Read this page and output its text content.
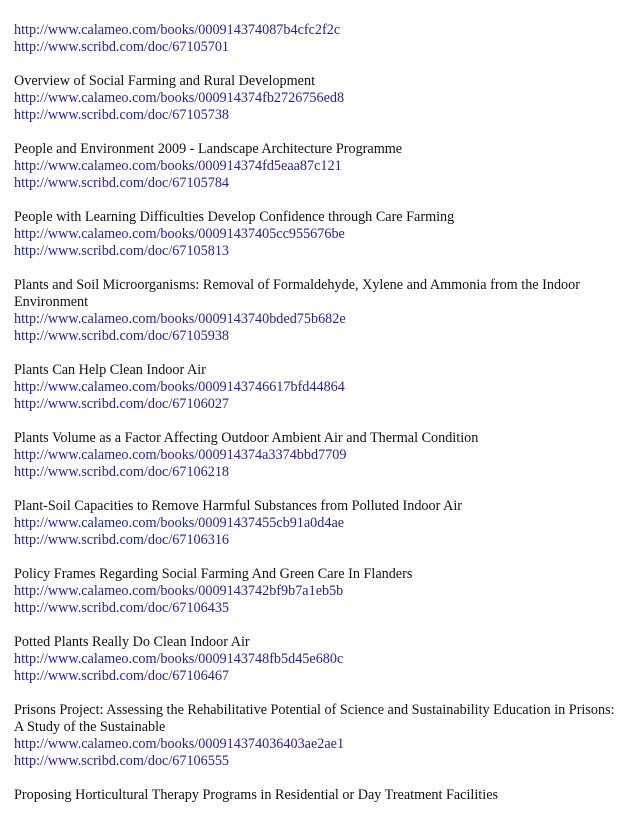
http://www.calameo.com/books/000914374087b4cfc2f2c
http://www.scribd.com/doc/67105701
Overview of Social Farming and Rural Development
http://www.calameo.com/books/000914374fb2726756ed8
http://www.scribd.com/doc/67105738
People and Environment 2009 - Landscape Architecture Programme
http://www.calameo.com/books/000914374fd5eaa87c121
http://www.scribd.com/doc/67105784
People with Learning Difficulties Develop Confidence through Care Farming
http://www.calameo.com/books/00091437405cc955676be
http://www.scribd.com/doc/67105813
Plants and Soil Microorganisms: Removal of Formaldehyde, Xylene and Ammonia from the Indoor Environment
http://www.calameo.com/books/0009143740bded75b682e
http://www.scribd.com/doc/67105938
Plants Can Help Clean Indoor Air
http://www.calameo.com/books/0009143746617bfd44864
http://www.scribd.com/doc/67106027
Plants Volume as a Factor Affecting Outdoor Ambient Air and Thermal Condition
http://www.calameo.com/books/000914374a3374bbd7709
http://www.scribd.com/doc/67106218
Plant-Soil Capacities to Remove Harmful Substances from Polluted Indoor Air
http://www.calameo.com/books/00091437455cb91a0d4ae
http://www.scribd.com/doc/67106316
Policy Frames Regarding Social Farming And Green Care In Flanders
http://www.calameo.com/books/0009143742bf9b7a1eb5b
http://www.scribd.com/doc/67106435
Potted Plants Really Do Clean Indoor Air
http://www.calameo.com/books/0009143748fb5d45e680c
http://www.scribd.com/doc/67106467
Prisons Project: Assessing the Rehabilitative Potential of Science and Sustainability Education in Prisons: A Study of the Sustainable
http://www.calameo.com/books/000914374036403ae2ae1
http://www.scribd.com/doc/67106555
Proposing Horticultural Therapy Programs in Residential or Day Treatment Facilities
